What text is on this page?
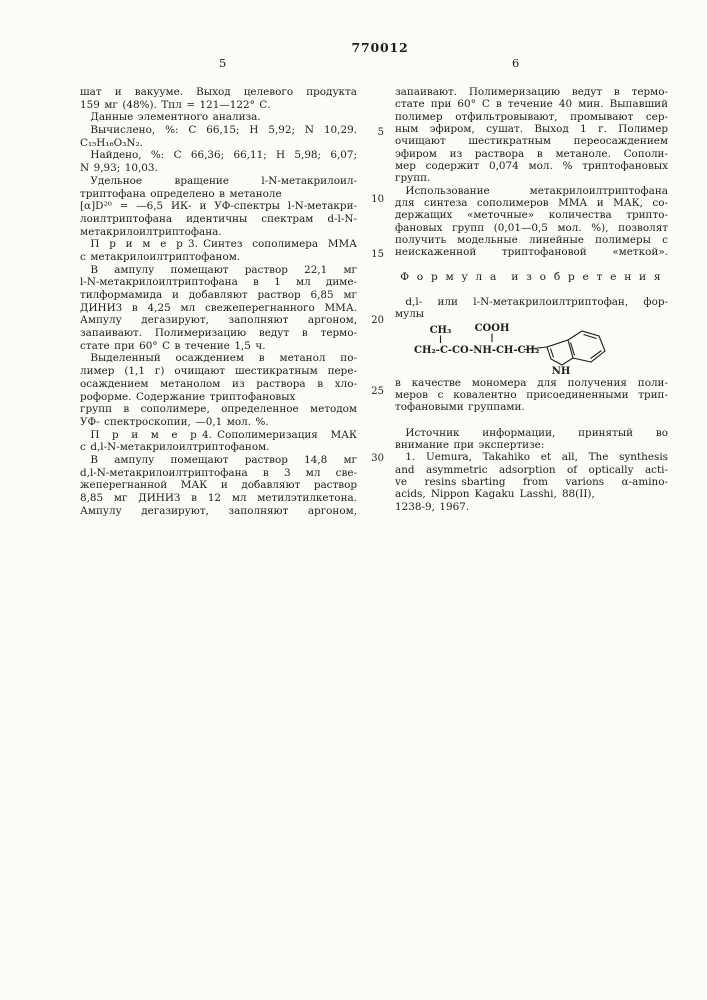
770012
5	6
шат и вакууме. Выход целевого продукта
159 мг (48%). Тпл = 121—122° С.
 Данные элементного анализа.
 Вычислено, %: С 66,15; Н 5,92; N 10,29.
C₁₅H₁₆O₃N₂.
 Найдено, %: С 66,36; 66,11; Н 5,98; 6,07;
N 9,93; 10,03.
 Удельное вращение l-N-метакрилоил-
триптофана определено в метаноле
[α]D²⁰ = —6,5 ИК- и УФ-спектры l-N-метакри-
лоилтриптофана идентичны спектрам d-l-N-
метакрилоилтриптофана.
 П р и м е р 3. Синтез сополимера ММА
с метакрилоилтриптофаном.
 В ампулу помещают раствор 22,1 мг
l-N-метакрилоилтриптофана в 1 мл диме-
тилформамида и добавляют раствор 6,85 мг
ДИНИЗ в 4,25 мл свежеперегнанного ММА.
Ампулу дегазируют, заполняют аргоном,
запаивают. Полимеризацию ведут в термо-
стате при 60° С в течение 1,5 ч.
 Выделенный осаждением в метанол по-
лимер (1,1 г) очищают шестикратным пере-
осаждением метанолом из раствора в хло-
роформе. Содержание триптофановых
групп в сополимере, определенное методом
УФ- спектроскопии, —0,1 мол. %.
 П р и м е р 4. Сополимеризация МАК
с d,l-N-метакрилоилтриптофаном.
 В ампулу помещают раствор 14,8 мг
d,l-N-метакрилоилтриптофана в 3 мл све-
жеперегнанной МАК и добавляют раствор
8,85 мг ДИНИЗ в 12 мл метилэтилкетона.
Ампулу дегазируют, заполняют аргоном,
запаивают. Полимеризацию ведут в термо-
стате при 60° С в течение 40 мин. Выпавший
полимер отфильтровывают, промывают сер-
ным эфиром, сушат. Выход 1 г. Полимер
очищают шестикратным переосаждением
эфиром из раствора в метаноле. Сополи-
мер содержит 0,074 мол. % триптофановых
групп.
 Использование метакрилоилтриптофана
для синтеза сополимеров ММА и МАК, со-
держащих «меточные» количества трипто-
фановых групп (0,01—0,5 мол. %), позволят
получить модельные линейные полимеры с
неискаженной триптофановой «меткой».
Ф о р м у л а и з о б р е т е н и я
 d,l- или l-N-метакрилоилтриптофан, фор-
мулы
CH₃ COOH
CH₂-C-CO-NH-CH-CH₂
NH
в качестве мономера для получения поли-
меров с ковалентно присоединенными трип-
тофановыми группами.
 Источник информации, принятый во
внимание при экспертизе:
 1. Uemura, Takahiko et all, The synthesis
and asymmetric adsorption of optically acti-
ve resins sbarting from varions α-amino-
acids, Nippon Kagaku Lasshi, 88(II),
1238-9, 1967.
5
10
15
20
25
30
